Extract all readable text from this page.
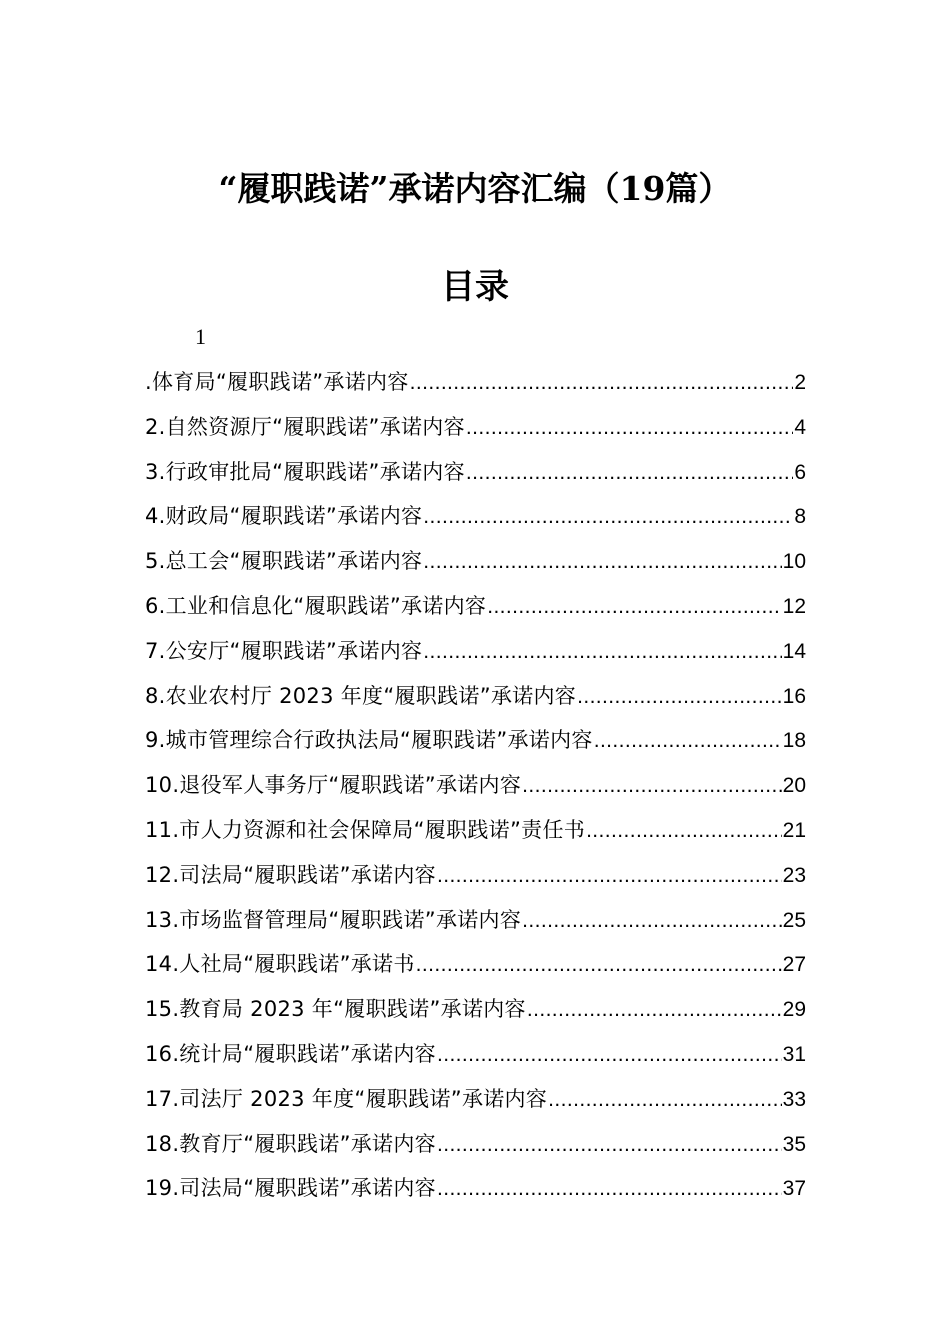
“履职践诺”承诺内容汇编（19篇）
目录
1
.体育局“履职践诺”承诺内容 .....	2
2.自然资源厅“履职践诺”承诺内容 .....	4
3.行政审批局“履职践诺”承诺内容 .....	6
4.财政局“履职践诺”承诺内容 .....	8
5.总工会“履职践诺”承诺内容 .....	10
6.工业和信息化“履职践诺”承诺内容 .....	12
7.公安厅“履职践诺”承诺内容 .....	14
8.农业农村厅 2023 年度“履职践诺”承诺内容 .....	16
9.城市管理综合行政执法局“履职践诺”承诺内容 .....	18
10.退役军人事务厅“履职践诺”承诺内容 .....	20
11.市人力资源和社会保障局“履职践诺”责任书 .....	21
12.司法局“履职践诺”承诺内容 .....	23
13.市场监督管理局“履职践诺”承诺内容 .....	25
14.人社局“履职践诺”承诺书 .....	27
15.教育局 2023 年“履职践诺”承诺内容 .....	29
16.统计局“履职践诺”承诺内容 .....	31
17.司法厅 2023 年度“履职践诺”承诺内容 .....	33
18.教育厅“履职践诺”承诺内容 .....	35
19.司法局“履职践诺”承诺内容 .....	37
